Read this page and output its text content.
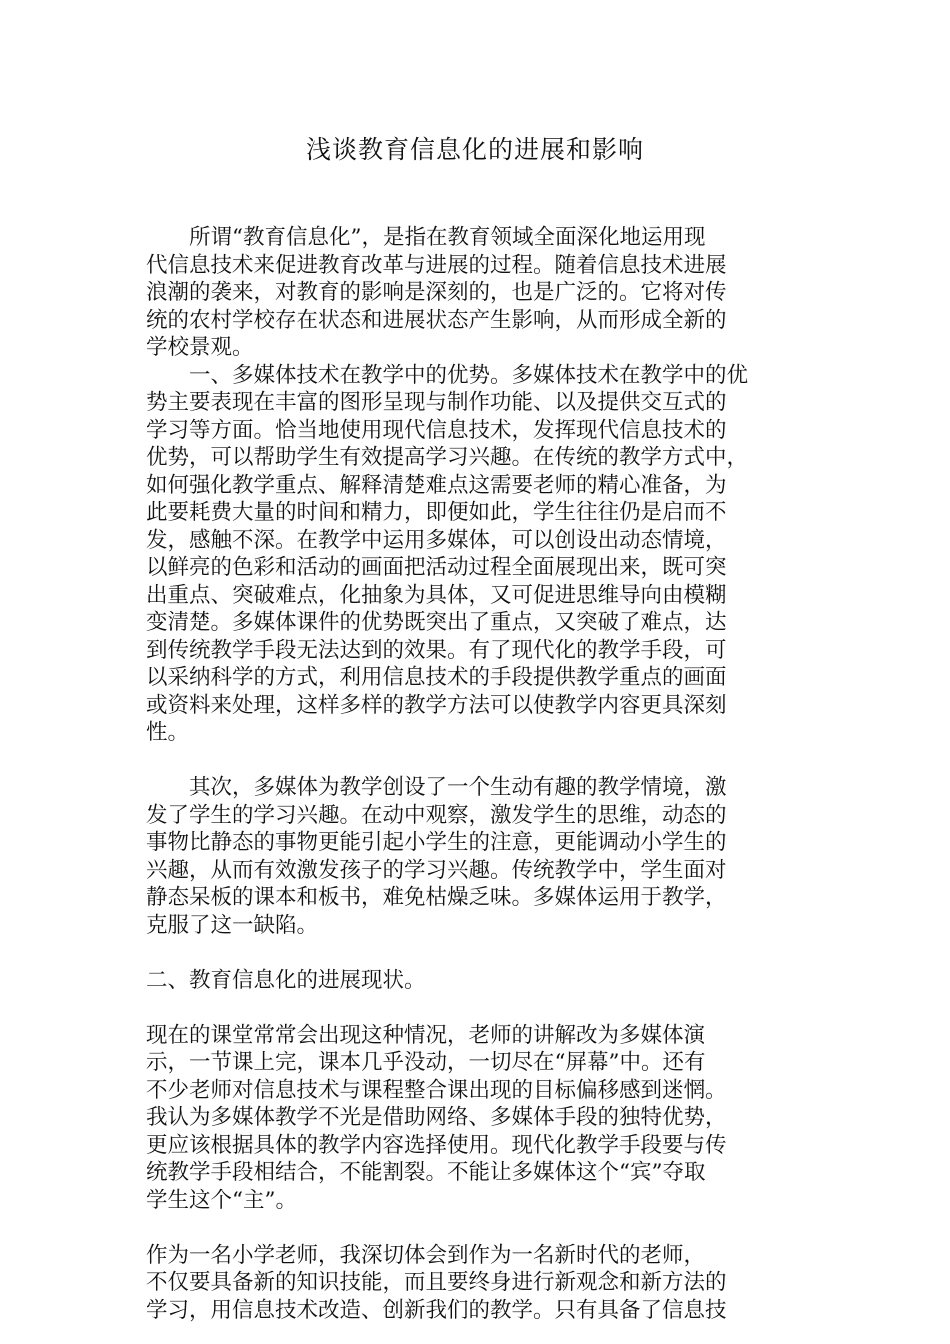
浅谈教育信息化的进展和影响
　　所谓“教育信息化”，是指在教育领域全面深化地运用现
代信息技术来促进教育改革与进展的过程。随着信息技术进展
浪潮的袭来，对教育的影响是深刻的，也是广泛的。它将对传
统的农村学校存在状态和进展状态产生影响，从而形成全新的
学校景观。
　　一、多媒体技术在教学中的优势。多媒体技术在教学中的优
势主要表现在丰富的图形呈现与制作功能、以及提供交互式的
学习等方面。恰当地使用现代信息技术，发挥现代信息技术的
优势，可以帮助学生有效提高学习兴趣。在传统的教学方式中，
如何强化教学重点、解释清楚难点这需要老师的精心准备，为
此要耗费大量的时间和精力，即便如此，学生往往仍是启而不
发，感触不深。在教学中运用多媒体，可以创设出动态情境，
以鲜亮的色彩和活动的画面把活动过程全面展现出来，既可突
出重点、突破难点，化抽象为具体，又可促进思维导向由模糊
变清楚。多媒体课件的优势既突出了重点，又突破了难点，达
到传统教学手段无法达到的效果。有了现代化的教学手段，可
以采纳科学的方式，利用信息技术的手段提供教学重点的画面
或资料来处理，这样多样的教学方法可以使教学内容更具深刻
性。
　　其次，多媒体为教学创设了一个生动有趣的教学情境，激
发了学生的学习兴趣。在动中观察，激发学生的思维，动态的
事物比静态的事物更能引起小学生的注意，更能调动小学生的
兴趣，从而有效激发孩子的学习兴趣。传统教学中，学生面对
静态呆板的课本和板书，难免枯燥乏味。多媒体运用于教学，
克服了这一缺陷。
二、教育信息化的进展现状。
现在的课堂常常会出现这种情况，老师的讲解改为多媒体演
示，一节课上完，课本几乎没动，一切尽在“屏幕”中。还有
不少老师对信息技术与课程整合课出现的目标偏移感到迷惘。
我认为多媒体教学不光是借助网络、多媒体手段的独特优势，
更应该根据具体的教学内容选择使用。现代化教学手段要与传
统教学手段相结合，不能割裂。不能让多媒体这个“宾”夺取
学生这个“主”。
作为一名小学老师，我深切体会到作为一名新时代的老师，
不仅要具备新的知识技能，而且要终身进行新观念和新方法的
学习，用信息技术改造、创新我们的教学。只有具备了信息技
